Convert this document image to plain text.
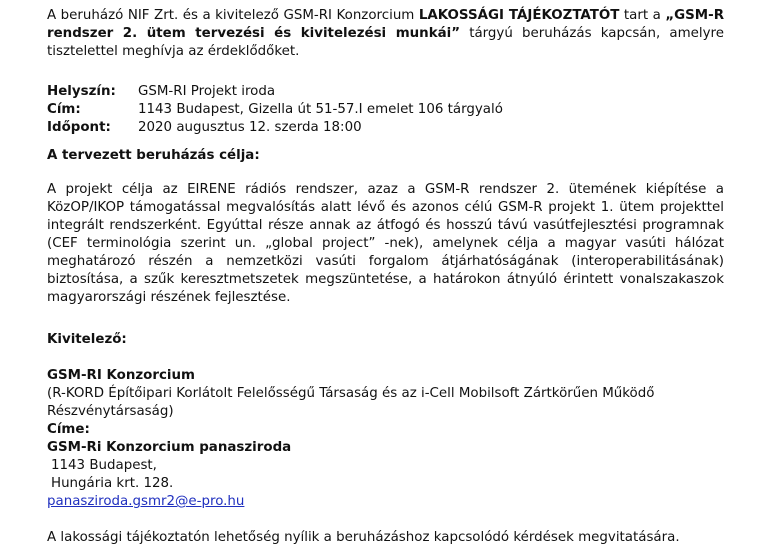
A beruházó NIF Zrt. és a kivitelező GSM-RI Konzorcium LAKOSSÁGI TÁJÉKOZTATÓT tart a „GSM-R rendszer 2. ütem tervezési és kivitelezési munkái” tárgyú beruházás kapcsán, amelyre tisztelettel meghívja az érdeklődőket.

Helyszín:	GSM-RI Projekt iroda
Cím:	1143 Budapest, Gizella út 51-57.I emelet 106 tárgyaló
Időpont:	2020 augusztus 12. szerda 18:00
A tervezett beruházás célja:

A projekt célja az EIRENE rádiós rendszer, azaz a GSM-R rendszer 2. ütemének kiépítése a KözOP/IKOP támogatással megvalósítás alatt lévő és azonos célú GSM-R projekt 1. ütem projekttel integrált rendszerként. Egyúttal része annak az átfogó és hosszú távú vasútfejlesztési programnak (CEF terminológia szerint un. „global project” -nek), amelynek célja a magyar vasúti hálózat meghatározó részén a nemzetközi vasúti forgalom átjárhatóságának (interoperabilitásának) biztosítása, a szűk keresztmetszetek megszüntetése, a határokon átnyúló érintett vonalszakaszok magyarországi részének fejlesztése.

Kivitelező:
GSM-RI Konzorcium
(R-KORD Építőipari Korlátolt Felelősségű Társaság és az i-Cell Mobilsoft Zártkörűen Működő
Részvénytársaság)
Címe:
GSM-Ri Konzorcium panasziroda
1143 Budapest,
Hungária krt. 128.
panasziroda.gsmr2@e-pro.hu
A lakossági tájékoztatón lehetőség nyílik a beruházáshoz kapcsolódó kérdések megvitatására.
